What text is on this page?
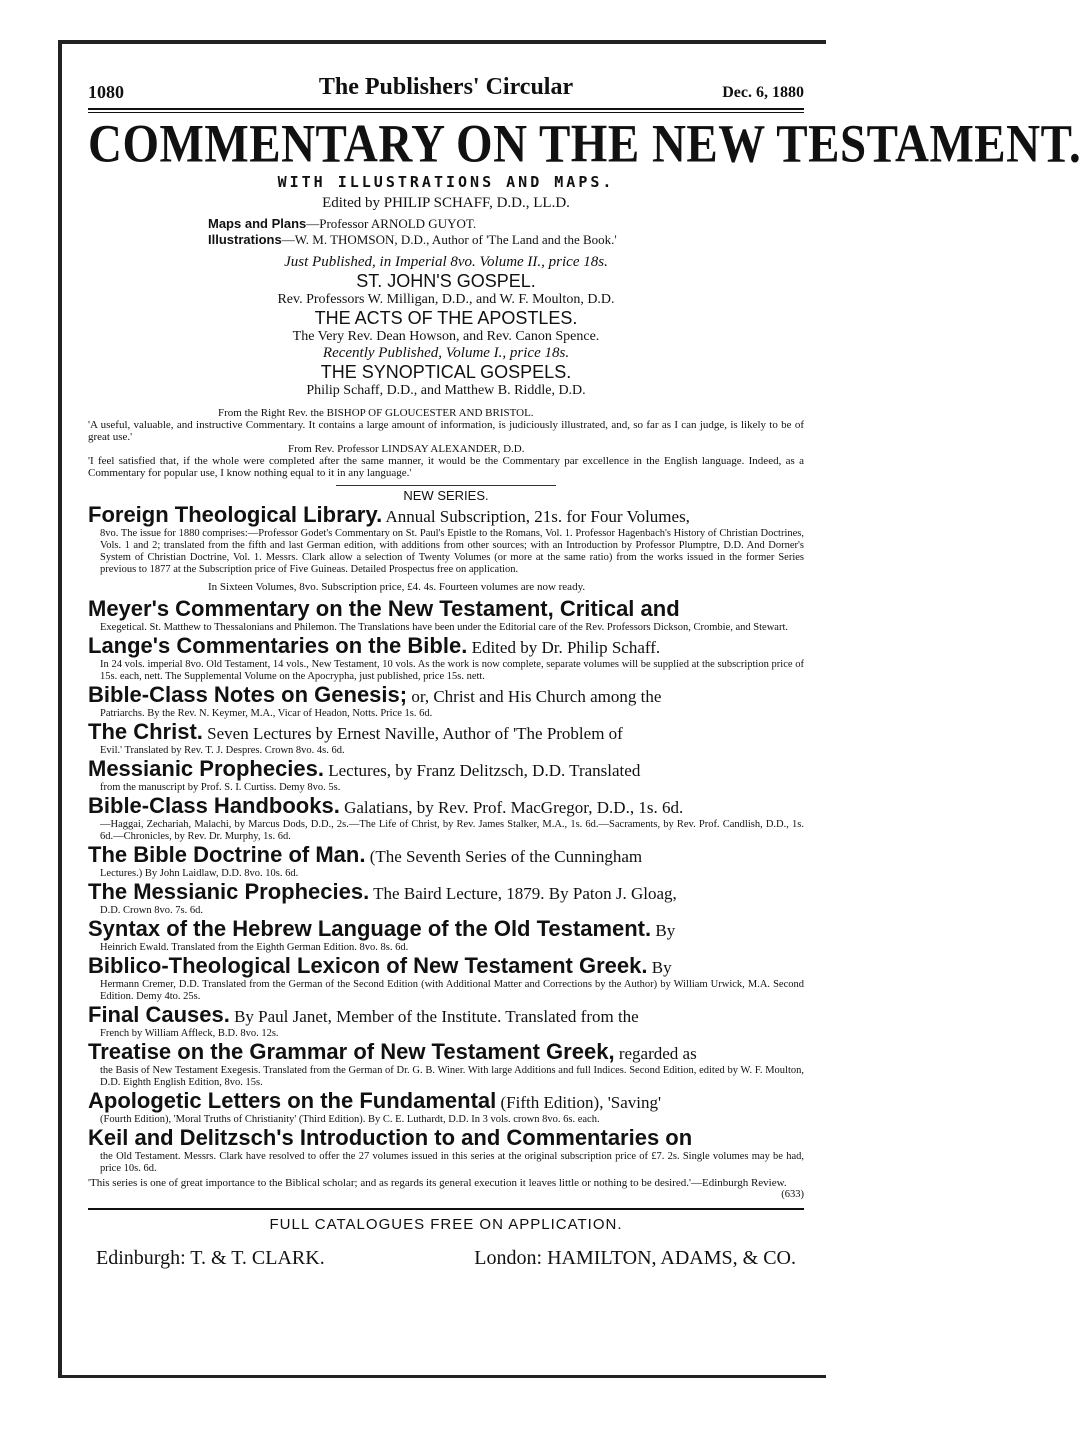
1080	The Publishers' Circular	Dec. 6, 1880
COMMENTARY ON THE NEW TESTAMENT.
WITH ILLUSTRATIONS AND MAPS.

Edited by PHILIP SCHAFF, D.D., LL.D.

Maps and Plans—Professor ARNOLD GUYOT.

Illustrations—W. M. THOMSON, D.D., Author of 'The Land and the Book.'

Just Published, in Imperial 8vo. Volume II., price 18s.

ST. JOHN'S GOSPEL.

Rev. Professors W. Milligan, D.D., and W. F. Moulton, D.D.

THE ACTS OF THE APOSTLES.

The Very Rev. Dean Howson, and Rev. Canon Spence.

Recently Published, Volume I., price 18s.

THE SYNOPTICAL GOSPELS.

Philip Schaff, D.D., and Matthew B. Riddle, D.D.

From the Right Rev. the BISHOP OF GLOUCESTER AND BRISTOL.

'A useful, valuable, and instructive Commentary. It contains a large amount of information, is judiciously illustrated, and, so far as I can judge, is likely to be of great use.'

From Rev. Professor LINDSAY ALEXANDER, D.D.

'I feel satisfied that, if the whole were completed after the same manner, it would be the Commentary par excellence in the English language. Indeed, as a Commentary for popular use, I know nothing equal to it in any language.'

NEW SERIES.

Foreign Theological Library. Annual Subscription, 21s. for Four Volumes,

8vo. The issue for 1880 comprises:—Professor Godet's Commentary on St. Paul's Epistle to the Romans, Vol. 1. Professor Hagenbach's History of Christian Doctrines, Vols. 1 and 2; translated from the fifth and last German edition, with additions from other sources; with an Introduction by Professor Plumptre, D.D. And Dorner's System of Christian Doctrine, Vol. 1. Messrs. Clark allow a selection of Twenty Volumes (or more at the same ratio) from the works issued in the former Series previous to 1877 at the Subscription price of Five Guineas. Detailed Prospectus free on application.

In Sixteen Volumes, 8vo. Subscription price, £4. 4s. Fourteen volumes are now ready.

Meyer's Commentary on the New Testament, Critical and

Exegetical. St. Matthew to Thessalonians and Philemon. The Translations have been under the Editorial care of the Rev. Professors Dickson, Crombie, and Stewart.

Lange's Commentaries on the Bible. Edited by Dr. Philip Schaff.

In 24 vols. imperial 8vo. Old Testament, 14 vols., New Testament, 10 vols. As the work is now complete, separate volumes will be supplied at the subscription price of 15s. each, nett. The Supplemental Volume on the Apocrypha, just published, price 15s. nett.

Bible-Class Notes on Genesis; or, Christ and His Church among the

Patriarchs. By the Rev. N. Keymer, M.A., Vicar of Headon, Notts. Price 1s. 6d.

The Christ. Seven Lectures by Ernest Naville, Author of 'The Problem of

Evil.' Translated by Rev. T. J. Despres. Crown 8vo. 4s. 6d.

Messianic Prophecies. Lectures, by Franz Delitzsch, D.D. Translated

from the manuscript by Prof. S. I. Curtiss. Demy 8vo. 5s.

Bible-Class Handbooks. Galatians, by Rev. Prof. MacGregor, D.D., 1s. 6d.

—Haggai, Zechariah, Malachi, by Marcus Dods, D.D., 2s.—The Life of Christ, by Rev. James Stalker, M.A., 1s. 6d.—Sacraments, by Rev. Prof. Candlish, D.D., 1s. 6d.—Chronicles, by Rev. Dr. Murphy, 1s. 6d.

The Bible Doctrine of Man. (The Seventh Series of the Cunningham

Lectures.) By John Laidlaw, D.D. 8vo. 10s. 6d.

The Messianic Prophecies. The Baird Lecture, 1879. By Paton J. Gloag,

D.D. Crown 8vo. 7s. 6d.

Syntax of the Hebrew Language of the Old Testament. By

Heinrich Ewald. Translated from the Eighth German Edition. 8vo. 8s. 6d.

Biblico-Theological Lexicon of New Testament Greek. By

Hermann Cremer, D.D. Translated from the German of the Second Edition (with Additional Matter and Corrections by the Author) by William Urwick, M.A. Second Edition. Demy 4to. 25s.

Final Causes. By Paul Janet, Member of the Institute. Translated from the

French by William Affleck, B.D. 8vo. 12s.

Treatise on the Grammar of New Testament Greek, regarded as

the Basis of New Testament Exegesis. Translated from the German of Dr. G. B. Winer. With large Additions and full Indices. Second Edition, edited by W. F. Moulton, D.D. Eighth English Edition, 8vo. 15s.

Apologetic Letters on the Fundamental (Fifth Edition), 'Saving'

(Fourth Edition), 'Moral Truths of Christianity' (Third Edition). By C. E. Luthardt, D.D. In 3 vols. crown 8vo. 6s. each.

Keil and Delitzsch's Introduction to and Commentaries on

the Old Testament. Messrs. Clark have resolved to offer the 27 volumes issued in this series at the original subscription price of £7. 2s. Single volumes may be had, price 10s. 6d.

'This series is one of great importance to the Biblical scholar; and as regards its general execution it leaves little or nothing to be desired.'—Edinburgh Review.

(633)

FULL CATALOGUES FREE ON APPLICATION.

Edinburgh: T. & T. CLARK.	London: HAMILTON, ADAMS, & CO.
